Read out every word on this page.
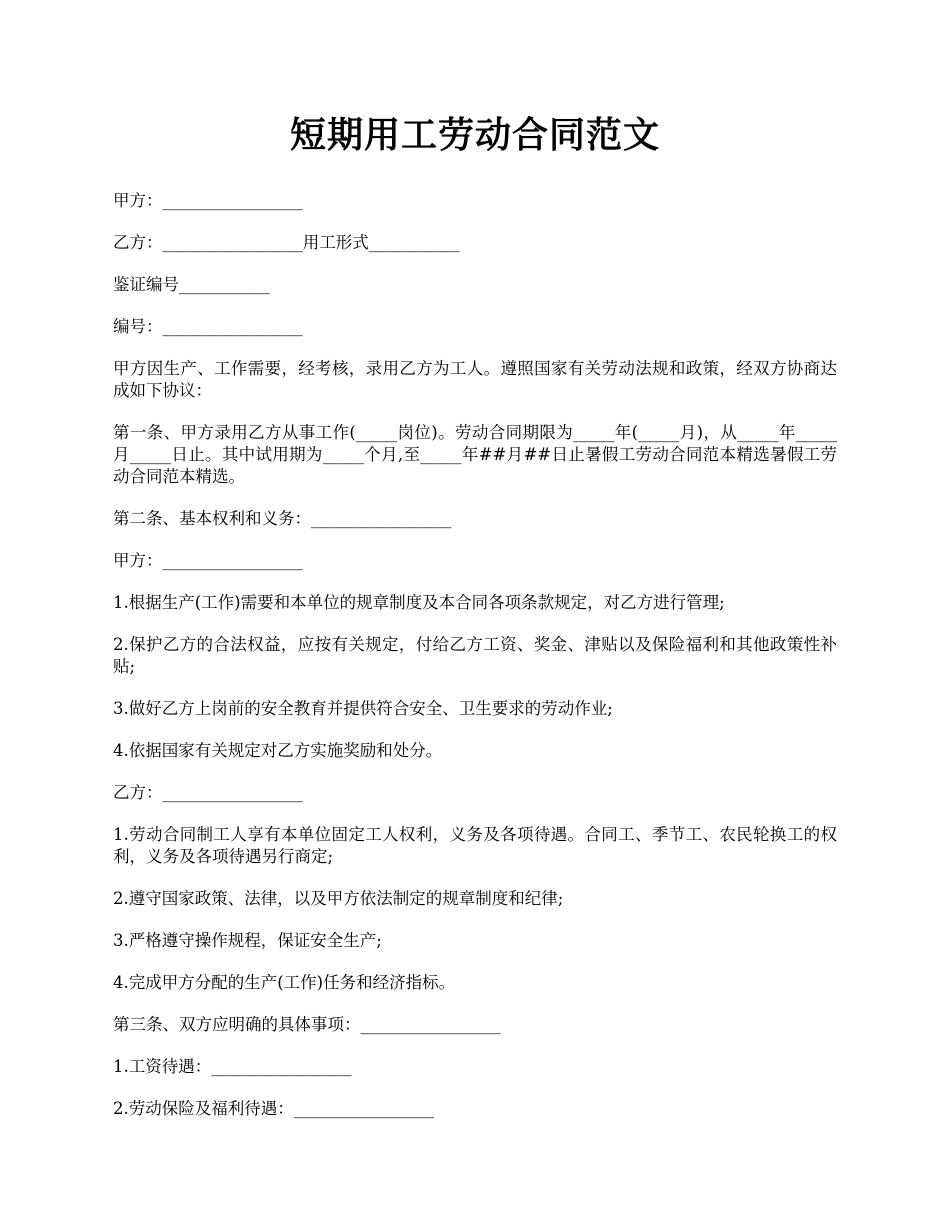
短期用工劳动合同范文

甲方：_________________

乙方：_________________用工形式___________

鉴证编号___________

编号：_________________

甲方因生产、工作需要，经考核，录用乙方为工人。遵照国家有关劳动法规和政策，经双方协商达成如下协议：

第一条、甲方录用乙方从事工作(_____岗位)。劳动合同期限为_____年(_____月)，从_____年_____月_____日止。其中试用期为_____个月,至_____年##月##日止暑假工劳动合同范本精选暑假工劳动合同范本精选。

第二条、基本权利和义务：_________________

甲方：_________________

1.根据生产(工作)需要和本单位的规章制度及本合同各项条款规定，对乙方进行管理;

2.保护乙方的合法权益，应按有关规定，付给乙方工资、奖金、津贴以及保险福利和其他政策性补贴;

3.做好乙方上岗前的安全教育并提供符合安全、卫生要求的劳动作业;

4.依据国家有关规定对乙方实施奖励和处分。

乙方：_________________

1.劳动合同制工人享有本单位固定工人权利，义务及各项待遇。合同工、季节工、农民轮换工的权利，义务及各项待遇另行商定;

2.遵守国家政策、法律，以及甲方依法制定的规章制度和纪律;

3.严格遵守操作规程，保证安全生产;

4.完成甲方分配的生产(工作)任务和经济指标。

第三条、双方应明确的具体事项：_________________

1.工资待遇：_________________

2.劳动保险及福利待遇：_________________
